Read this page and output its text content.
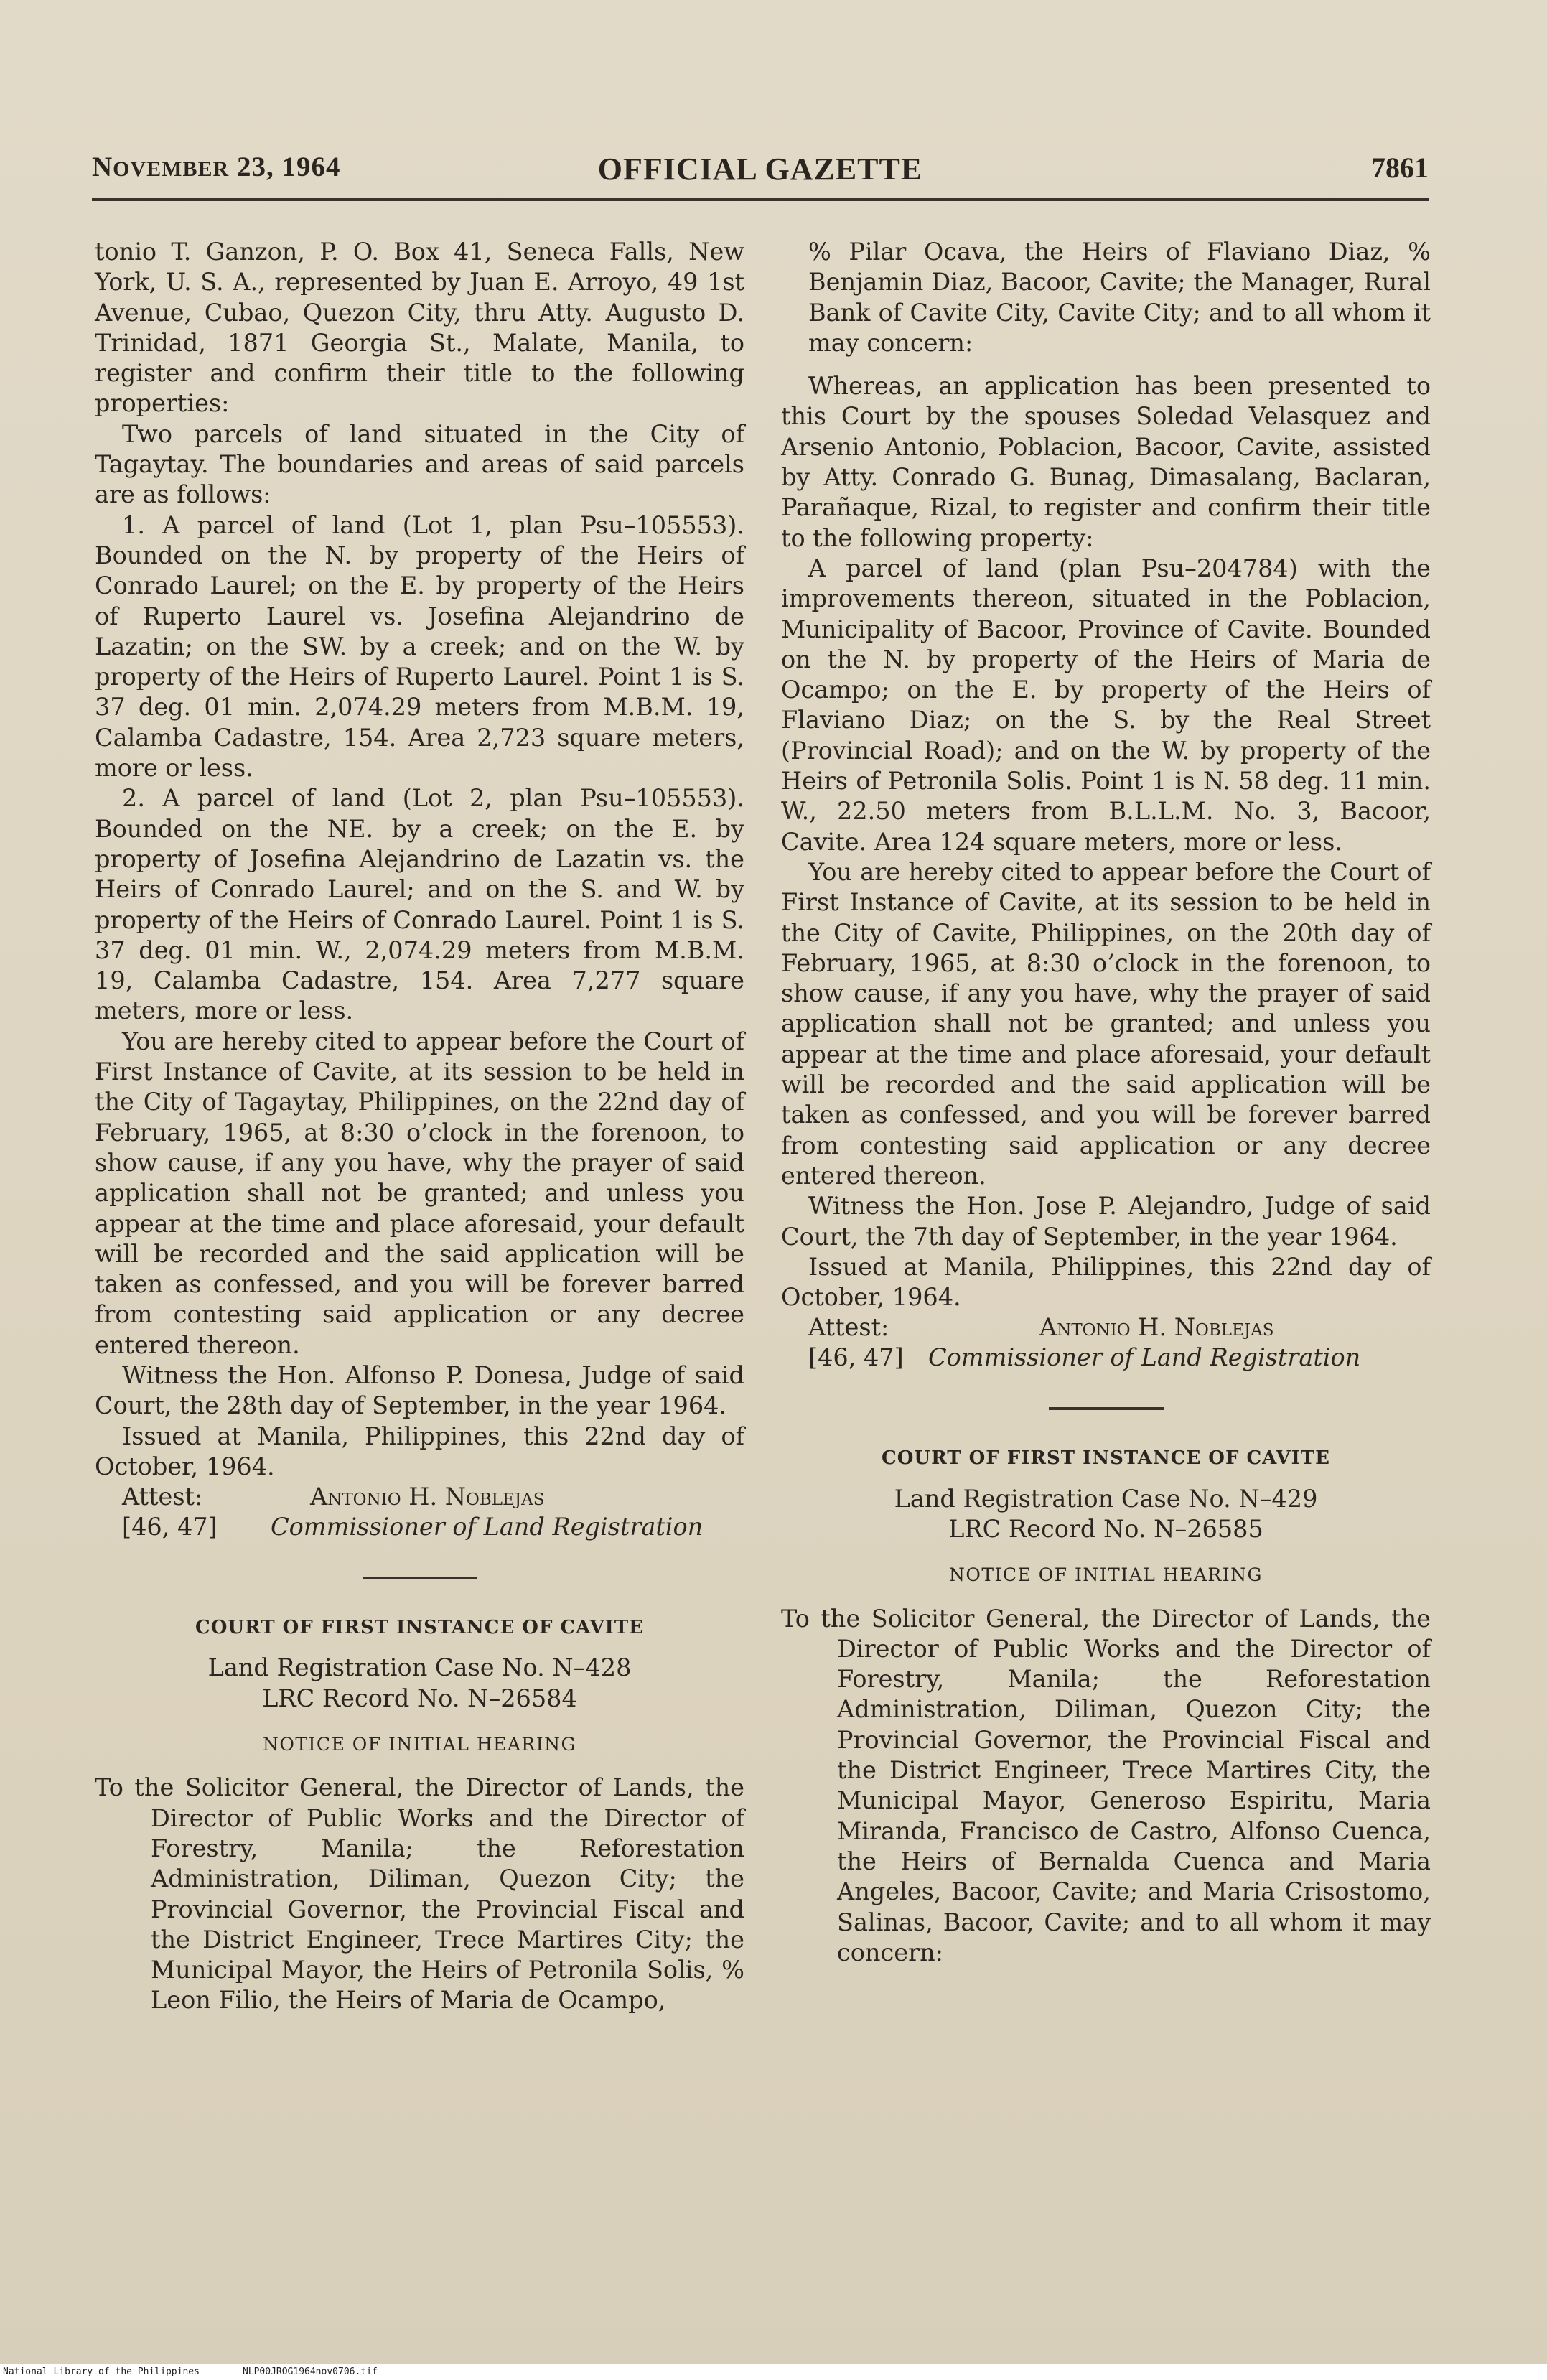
NOVEMBER 23, 1964	OFFICIAL GAZETTE	7861

tonio T. Ganzon, P. O. Box 41, Seneca Falls, New York, U. S. A., represented by Juan E. Arroyo, 49 1st Avenue, Cubao, Quezon City, thru Atty. Augusto D. Trinidad, 1871 Georgia St., Malate, Manila, to register and confirm their title to the following properties:

Two parcels of land situated in the City of Tagaytay. The boundaries and areas of said parcels are as follows:

1. A parcel of land (Lot 1, plan Psu–105553). Bounded on the N. by property of the Heirs of Conrado Laurel; on the E. by property of the Heirs of Ruperto Laurel vs. Josefina Alejandrino de Lazatin; on the SW. by a creek; and on the W. by property of the Heirs of Ruperto Laurel. Point 1 is S. 37 deg. 01 min. 2,074.29 meters from M.B.M. 19, Calamba Cadastre, 154. Area 2,723 square meters, more or less.

2. A parcel of land (Lot 2, plan Psu–105553). Bounded on the NE. by a creek; on the E. by property of Josefina Alejandrino de Lazatin vs. the Heirs of Conrado Laurel; and on the S. and W. by property of the Heirs of Conrado Laurel. Point 1 is S. 37 deg. 01 min. W., 2,074.29 meters from M.B.M. 19, Calamba Cadastre, 154. Area 7,277 square meters, more or less.

You are hereby cited to appear before the Court of First Instance of Cavite, at its session to be held in the City of Tagaytay, Philippines, on the 22nd day of February, 1965, at 8:30 o’clock in the forenoon, to show cause, if any you have, why the prayer of said application shall not be granted; and unless you appear at the time and place aforesaid, your default will be recorded and the said application will be taken as confessed, and you will be forever barred from contesting said application or any decree entered thereon.

Witness the Hon. Alfonso P. Donesa, Judge of said Court, the 28th day of September, in the year 1964.

Issued at Manila, Philippines, this 22nd day of October, 1964.

Attest:	Antonio H. Noblejas
[46, 47] Commissioner of Land Registration
COURT OF FIRST INSTANCE OF CAVITE
Land Registration Case No. N–428
LRC Record No. N–26584
NOTICE OF INITIAL HEARING

To the Solicitor General, the Director of Lands, the Director of Public Works and the Director of Forestry, Manila; the Reforestation Administration, Diliman, Quezon City; the Provincial Governor, the Provincial Fiscal and the District Engineer, Trece Martires City; the Municipal Mayor, the Heirs of Petronila Solis, % Leon Filio, the Heirs of Maria de Ocampo,

% Pilar Ocava, the Heirs of Flaviano Diaz, % Benjamin Diaz, Bacoor, Cavite; the Manager, Rural Bank of Cavite City, Cavite City; and to all whom it may concern:

Whereas, an application has been presented to this Court by the spouses Soledad Velasquez and Arsenio Antonio, Poblacion, Bacoor, Cavite, assisted by Atty. Conrado G. Bunag, Dimasalang, Baclaran, Parañaque, Rizal, to register and confirm their title to the following property:

A parcel of land (plan Psu–204784) with the improvements thereon, situated in the Poblacion, Municipality of Bacoor, Province of Cavite. Bounded on the N. by property of the Heirs of Maria de Ocampo; on the E. by property of the Heirs of Flaviano Diaz; on the S. by the Real Street (Provincial Road); and on the W. by property of the Heirs of Petronila Solis. Point 1 is N. 58 deg. 11 min. W., 22.50 meters from B.L.L.M. No. 3, Bacoor, Cavite. Area 124 square meters, more or less.

You are hereby cited to appear before the Court of First Instance of Cavite, at its session to be held in the City of Cavite, Philippines, on the 20th day of February, 1965, at 8:30 o’clock in the forenoon, to show cause, if any you have, why the prayer of said application shall not be granted; and unless you appear at the time and place aforesaid, your default will be recorded and the said application will be taken as confessed, and you will be forever barred from contesting said application or any decree entered thereon.

Witness the Hon. Jose P. Alejandro, Judge of said Court, the 7th day of September, in the year 1964.

Issued at Manila, Philippines, this 22nd day of October, 1964.

Attest:	Antonio H. Noblejas
[46, 47] Commissioner of Land Registration
COURT OF FIRST INSTANCE OF CAVITE
Land Registration Case No. N–429
LRC Record No. N–26585
NOTICE OF INITIAL HEARING

To the Solicitor General, the Director of Lands, the Director of Public Works and the Director of Forestry, Manila; the Reforestation Administration, Diliman, Quezon City; the Provincial Governor, the Provincial Fiscal and the District Engineer, Trece Martires City, the Municipal Mayor, Generoso Espiritu, Maria Miranda, Francisco de Castro, Alfonso Cuenca, the Heirs of Bernalda Cuenca and Maria Angeles, Bacoor, Cavite; and Maria Crisostomo, Salinas, Bacoor, Cavite; and to all whom it may concern:

National Library of the Philippines	NLP00JROG1964nov0706.tif
